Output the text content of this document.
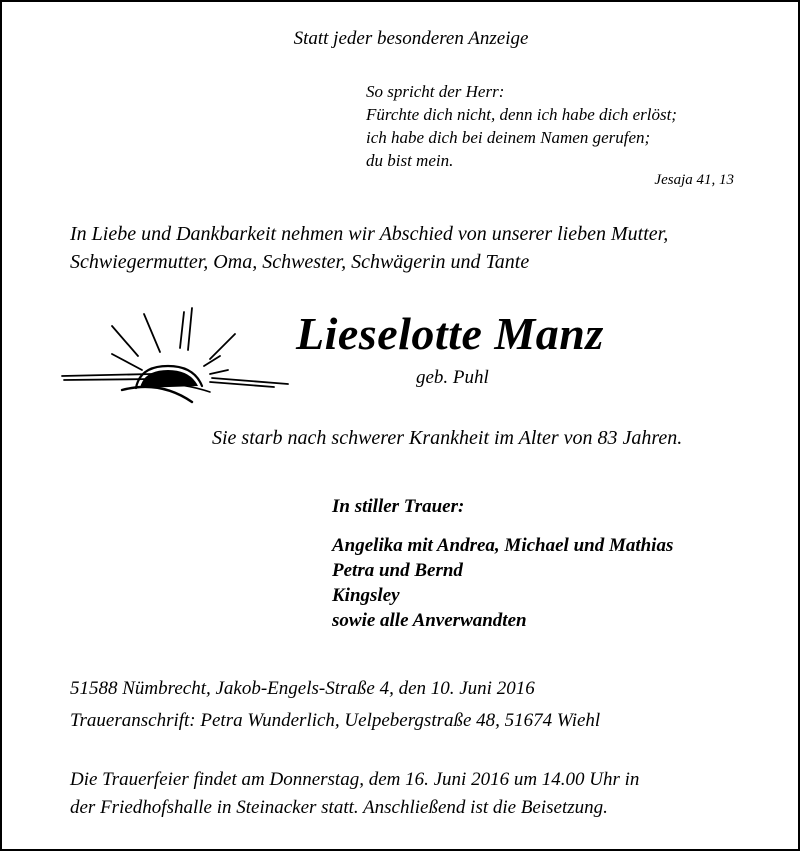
Statt jeder besonderen Anzeige
So spricht der Herr:
Fürchte dich nicht, denn ich habe dich erlöst;
ich habe dich bei deinem Namen gerufen;
du bist mein.
Jesaja 41, 13
In Liebe und Dankbarkeit nehmen wir Abschied von unserer lieben Mutter,
Schwiegermutter, Oma, Schwester, Schwägerin und Tante
Lieselotte Manz
geb. Puhl
Sie starb nach schwerer Krankheit im Alter von 83 Jahren.
In stiller Trauer:
Angelika mit Andrea, Michael und Mathias
Petra und Bernd
Kingsley
sowie alle Anverwandten
51588 Nümbrecht, Jakob-Engels-Straße 4, den 10. Juni 2016
Traueranschrift: Petra Wunderlich, Uelpebergstraße 48, 51674 Wiehl
Die Trauerfeier findet am Donnerstag, dem 16. Juni 2016 um 14.00 Uhr in
der Friedhofshalle in Steinacker statt. Anschließend ist die Beisetzung.
